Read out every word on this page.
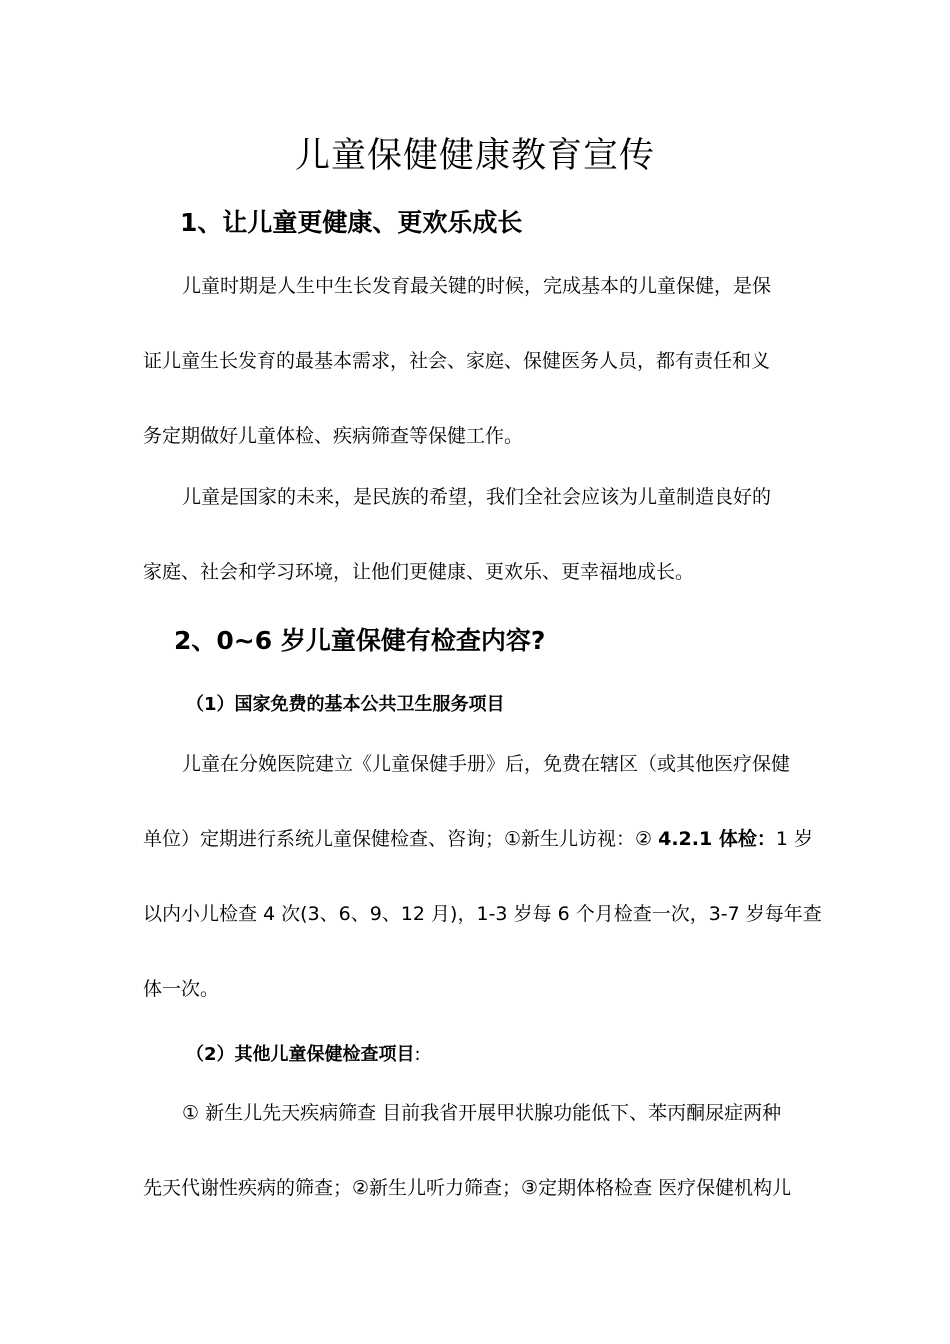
儿童保健健康教育宣传
1、让儿童更健康、更欢乐成长
儿童时期是人生中生长发育最关键的时候，完成基本的儿童保健，是保
证儿童生长发育的最基本需求，社会、家庭、保健医务人员，都有责任和义
务定期做好儿童体检、疾病筛查等保健工作。
儿童是国家的未来，是民族的希望，我们全社会应该为儿童制造良好的
家庭、社会和学习环境，让他们更健康、更欢乐、更幸福地成长。
2、0~6 岁儿童保健有检查内容?
（1）国家免费的基本公共卫生服务项目
儿童在分娩医院建立《儿童保健手册》后，免费在辖区（或其他医疗保健
单位）定期进行系统儿童保健检查、咨询；①新生儿访视：② 4.2.1 体检：1 岁
以内小儿检查 4 次(3、6、9、12 月)，1-3 岁每 6 个月检查一次，3-7 岁每年查
体一次。
（2）其他儿童保健检查项目:
① 新生儿先天疾病筛查 目前我省开展甲状腺功能低下、苯丙酮尿症两种
先天代谢性疾病的筛查；②新生儿听力筛查；③定期体格检查 医疗保健机构儿
